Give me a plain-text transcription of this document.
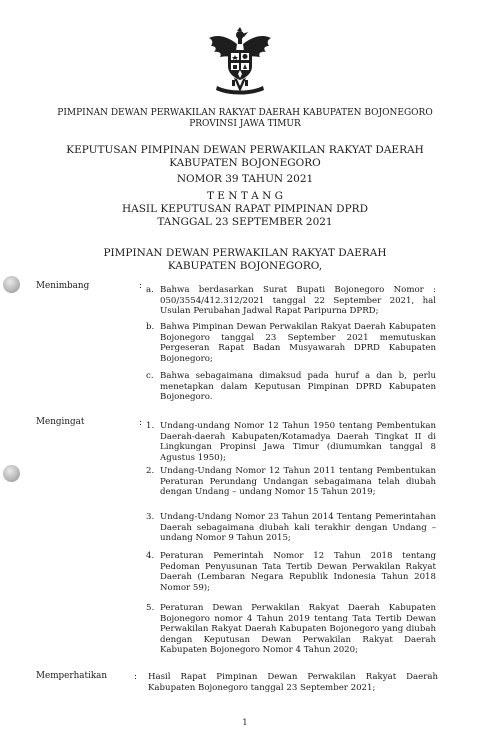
PIMPINAN DEWAN PERWAKILAN RAKYAT DAERAH KABUPATEN BOJONEGORO
PROVINSI JAWA TIMUR
KEPUTUSAN PIMPINAN DEWAN PERWAKILAN RAKYAT DAERAH
KABUPATEN BOJONEGORO
NOMOR 39 TAHUN 2021
T E N T A N G
HASIL KEPUTUSAN RAPAT PIMPINAN DPRD
TANGGAL 23 SEPTEMBER 2021
PIMPINAN DEWAN PERWAKILAN RAKYAT DAERAH
KABUPATEN BOJONEGORO,
Menimbang	: a. Bahwa berdasarkan Surat Bupati Bojonegoro Nomor : 050/3554/412.312/2021 tanggal 22 September 2021, hal Usulan Perubahan Jadwal Rapat Paripurna DPRD;
b. Bahwa Pimpinan Dewan Perwakilan Rakyat Daerah Kabupaten Bojonegoro tanggal 23 September 2021 memutuskan Pergeseran Rapat Badan Musyawarah DPRD Kabupaten Bojonegoro;
c. Bahwa sebagaimana dimaksud pada huruf a dan b, perlu menetapkan dalam Keputusan Pimpinan DPRD Kabupaten Bojonegoro.
Mengingat	: 1. Undang-undang Nomor 12 Tahun 1950 tentang Pembentukan Daerah-daerah Kabupaten/Kotamadya Daerah Tingkat II di Lingkungan Propinsi Jawa Timur (diumumkan tanggal 8 Agustus 1950);
2. Undang-Undang Nomor 12 Tahun 2011 tentang Pembentukan Peraturan Perundang Undangan sebagaimana telah diubah dengan Undang – undang Nomor 15 Tahun 2019;
3. Undang-Undang Nomor 23 Tahun 2014 Tentang Pemerintahan Daerah sebagaimana diubah kali terakhir dengan Undang – undang Nomor 9 Tahun 2015;
4. Peraturan Pemerintah Nomor 12 Tahun 2018 tentang Pedoman Penyusunan Tata Tertib Dewan Perwakilan Rakyat Daerah (Lembaran Negara Republik Indonesia Tahun 2018 Nomor 59);
5. Peraturan Dewan Perwakilan Rakyat Daerah Kabupaten Bojonegoro nomor 4 Tahun 2019 tentang Tata Tertib Dewan Perwakilan Rakyat Daerah Kabupaten Bojonegoro yang diubah dengan Keputusan Dewan Perwakilan Rakyat Daerah Kabupaten Bojonegoro Nomor 4 Tahun 2020;
Memperhatikan	: Hasil Rapat Pimpinan Dewan Perwakilan Rakyat Daerah Kabupaten Bojonegoro tanggal 23 September 2021;
1
